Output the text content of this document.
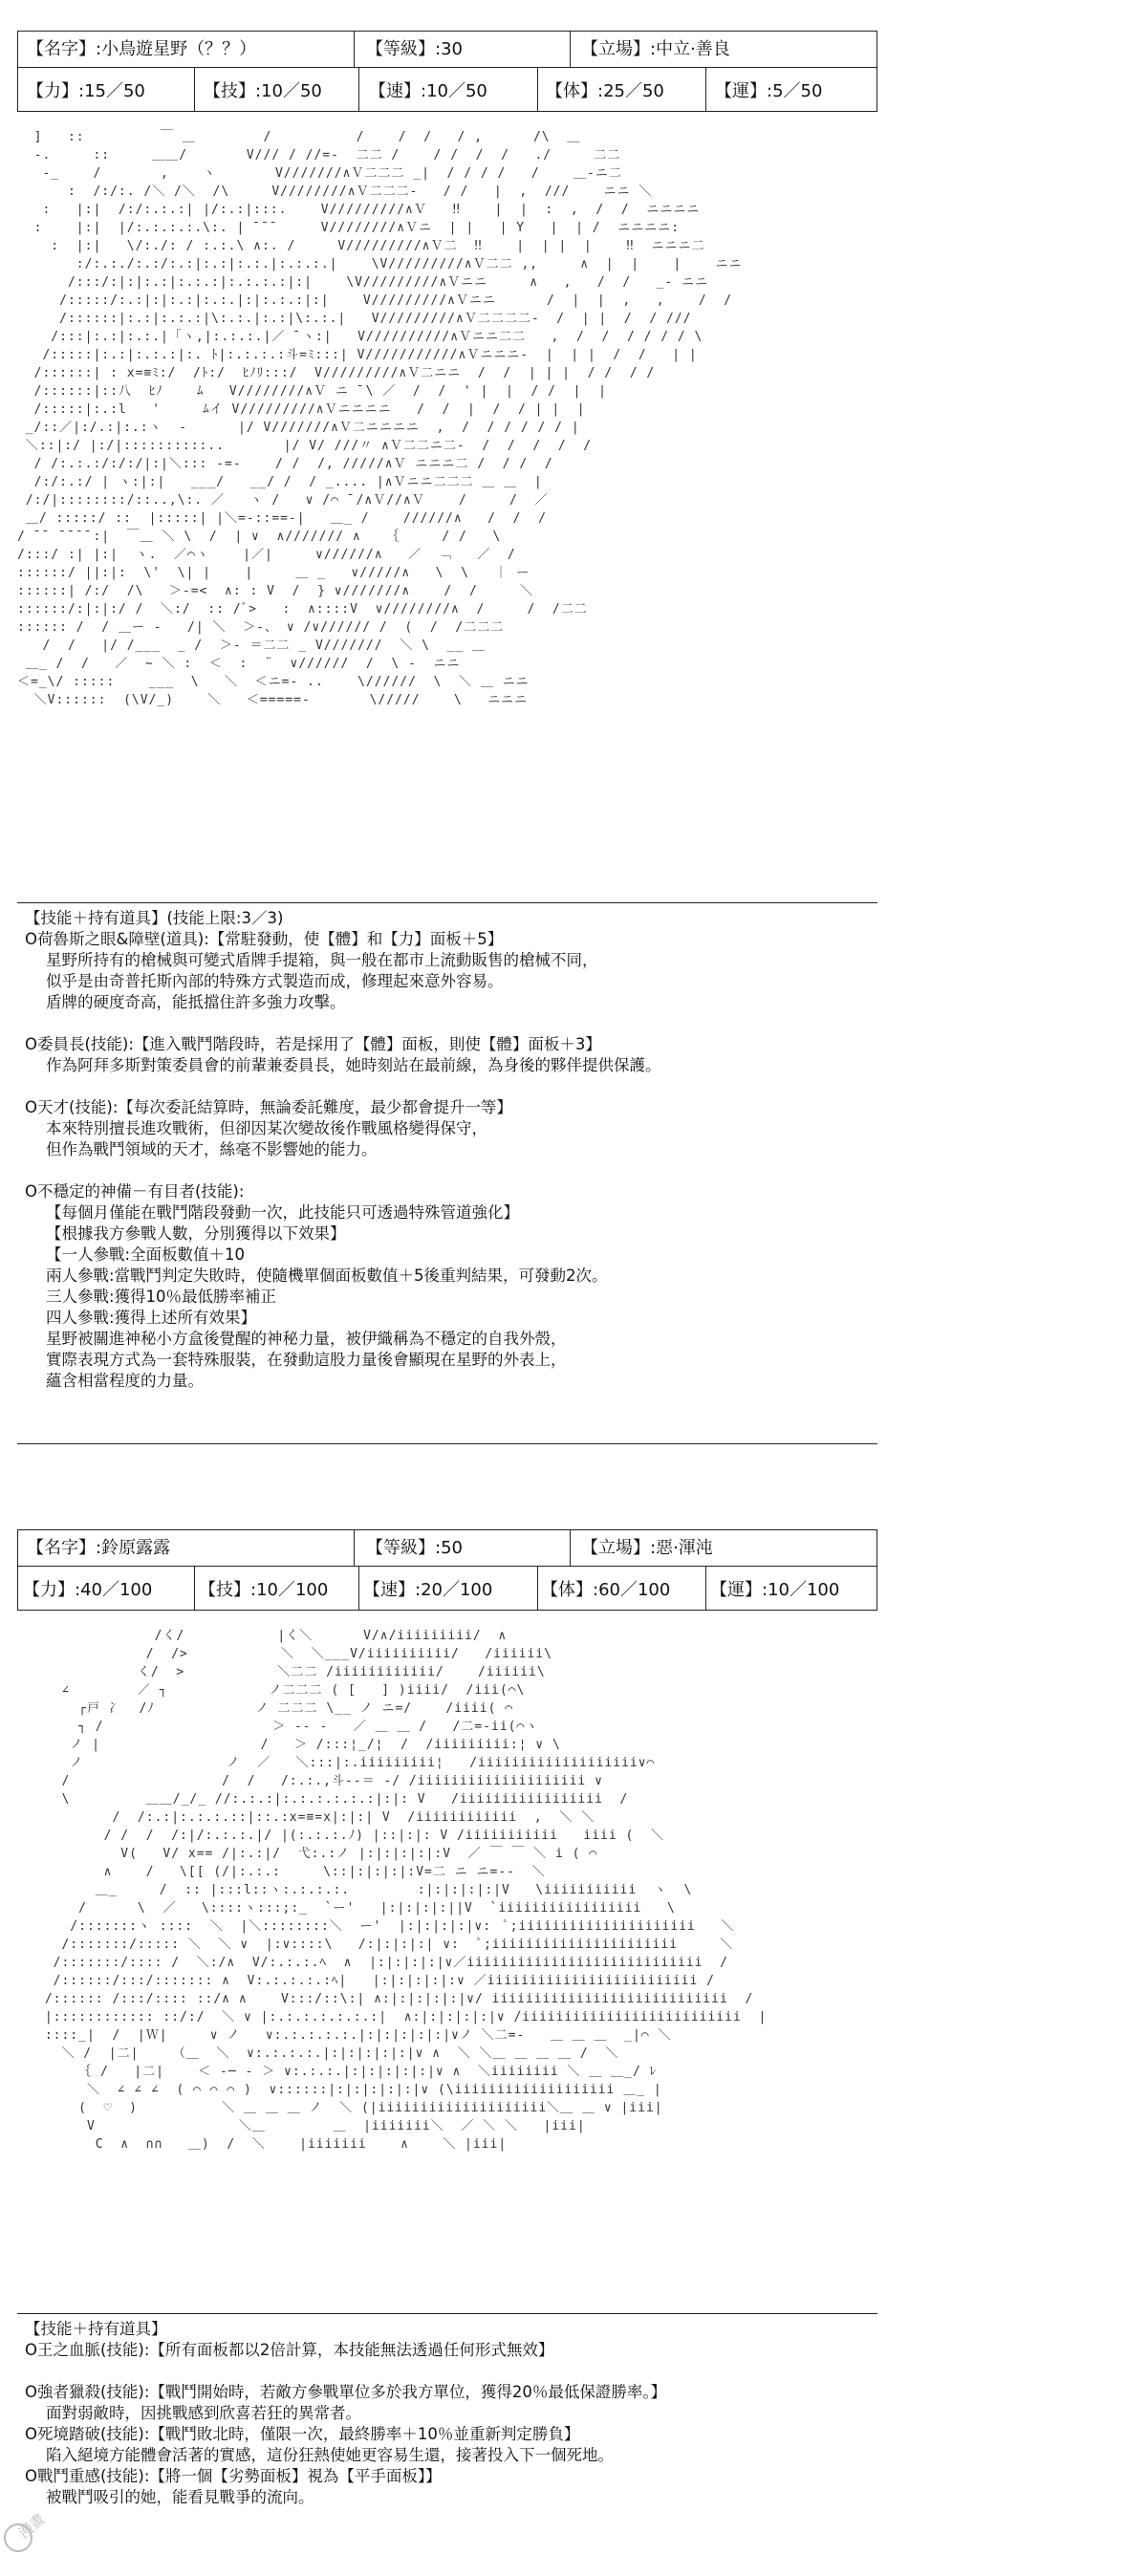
【名字】:小鳥遊星野（？？）	【等級】:30	【立場】:中立·善良
【力】:15／50	【技】:10／50	【速】:10／50	【体】:25／50	【運】:5／50
]   ::         ￣ ＿        /          /    /  /   / ,      /\  ＿
-.     ::     ＿＿/       V/// / //=-  二二 /    / /  /  /   ./     二二
-_    /       ,    ヽ       V///////∧Ｖ二二二 _|  / / / /   /    ＿-ニ二
:  /:/:. /＼ /＼  /\     V////////∧Ｖ二二二-   / /   |  ,  ///    ニニ ＼
:   |:|  /:/:.:.:| |/:.:|:::.    V/////////∧Ｖ   ‼    |  |  :  ,  /  /  ニニニニ
:    |:|  |/:.:.:.:.\:. | ̄ ̄ ̄      V////////∧Ｖニ  | |   | Y   |  | /  ニニニニ:
:  |:|   \/:./: / :.:.\ ∧:. /     V/////////∧Ｖ二  ‼    |  | |  |    ‼  ニニニ二
:/:.:./:.:/:.:|:.:|:.:.|:.:.:.|    \V/////////∧Ｖ二二 ,,     ∧  |  |    |    ニニ
/:::/:|:|:.:|:.:.:|:.:.:.:|:|    \V/////////∧Ｖニニ     ∧   ,   /  /   _- ニニ
/:::::/:.:|:|:.:|:.:.|:|:.:.:|:|    V/////////∧Ｖニニ      /  |  |  ,   ,    /  /
/::::::|:.:|:.:.:|\:.:.|:.:|\:.:.|   V/////////∧Ｖ二二二二-  /  | |  /  / ///
/:::|:.:|:.:.|「ヽ,|:.:.:.|／ ̄ ヽ:|   V//////////∧Ｖニニ二二   ,  /  /  / / / / \
/:::::|:.:|:.:.:|:. ﾄ|:.:.:.:斗=ﾐ:::| V///////////∧Ｖニニニ-  |  | |  /  /   | |
/::::::| : x=≡ﾐ:/  /ﾄ:/  ﾋﾉﾘ:::/  V/////////∧Ｖ二ニニ  /  /  | | |  / /  / /
/::::::|::八  ﾋﾉ    ﾑ   V////////∧Ｖ ニ ̄ \ ／  /  /  ' |  |  / /  |  |
/:::::|:.:l   '     ﾑイ V/////////∧Ｖニニニニ   /  /  |  /  / | |  |
_/::／|:/.:|:.:ヽ  ‐      |/ V///////∧Ｖ二ニニニニ  ,  /  / / / / / |
＼::|:/ |:/|::::::::::..       |/ V/ ///〃 ∧Ｖ二二ニ二-  /  /  /  /  /
/ /:.:.:/:/:/|:|＼::: ‐=-    / /  /, /////∧Ｖ ニニニ二 /  / /  /
/:/:.:/ | ヽ:|:|   ___/   __/ /  / _.... |∧Ｖニニ二二二 ＿ ＿  |
/:/|::::::::/::..,\:. ／   ヽ /   ∨ /⌒ ̄ /∧Ｖ//∧Ｖ    /     /  ／
＿/ :::::/ ::  |:::::| |＼=-::==-|   ＿_ /    //////∧   /  /  /
/ ̄ ̄  ̄ ̄ ̄ ̄ :|  ￣＿ ＼ \  /  | ∨  ∧/////// ∧   ｛     / /   \
/:::/ :| |:|  ヽ.  ／⌒ヽ    |／|     ∨//////∧   ／  ﹁   ／  /
::::::/ ||:|:  \'  \| |    |     ＿ _   ∨/////∧   \  \   ｜ ー
::::::| /:/  /\   ＞‐=<  ∧: : V  /  } ∨///////∧    /  /     ＼
::::::/:|:|:/ /  ＼:/  :: /ﾞ>   :  ∧::::V  ∨////////∧  /     /  /二二
:::::: /  / ＿ー ‐   /| ＼  ＞‐、 ∨ /∨////// /  (  /  /二二二
/  /   |/ /___  _ /  ＞‐ ＝二二 _ V///////  ＼ \  __ ＿
＿_ /  /   ／  ~ ＼ :  ＜  :  ¨  ∨//////  /  \ ‐  ニニ
＜=_\/ :::::    ___  \   ＼  ＜ニ=- ..    \//////  \  ＼ ＿ ニニ
＼V::::::  (\V/_)    ＼   ＜=====-       \/////    \   ニニニ
【技能＋持有道具】(技能上限:3／3)
O荷魯斯之眼&障壁(道具):【常駐發動，使【體】和【力】面板＋5】
星野所持有的槍械與可變式盾牌手提箱，與一般在都市上流動販售的槍械不同，
似乎是由奇普托斯內部的特殊方式製造而成，修理起來意外容易。
盾牌的硬度奇高，能抵擋住許多強力攻擊。
O委員長(技能):【進入戰鬥階段時，若是採用了【體】面板，則使【體】面板＋3】
作為阿拜多斯對策委員會的前輩兼委員長，她時刻站在最前線，為身後的夥伴提供保護。
O天才(技能):【每次委託結算時，無論委託難度，最少都會提升一等】
本來特別擅長進攻戰術，但卻因某次變故後作戰風格變得保守，
但作為戰鬥領域的天才，絲毫不影響她的能力。
O不穩定的神備－有目者(技能):
【每個月僅能在戰鬥階段發動一次，此技能只可透過特殊管道強化】
【根據我方參戰人數，分別獲得以下效果】
【一人參戰:全面板數值＋10
兩人參戰:當戰鬥判定失敗時，使隨機單個面板數值＋5後重判結果，可發動2次。
三人參戰:獲得10％最低勝率補正
四人參戰:獲得上述所有效果】
星野被關進神秘小方盒後覺醒的神秘力量，被伊織稱為不穩定的自我外殼，
實際表現方式為一套特殊服裝，在發動這股力量後會顯現在星野的外表上，
蘊含相當程度的力量。
【名字】:鈴原露露	【等級】:50	【立場】:惡·渾沌
【力】:40／100	【技】:10／100 【速】:20／100	【体】:60／100 【運】:10／100
/く/           |く＼      V/∧/iiiiiiiii/  ∧
/  />           ＼  ＼___V/iiiiiiiiii/   /iiiiii\
く/  >           ＼二二 /iiiiiiiiiiii/    /iiiiii\
∠        ／ ┐            ノ二二二 ( [   ] )iiii/  /iii(⌒\
┌戸 冫  /ﾉ            ノ 二二二 \__ ノ ニ=/    /iiii( ⌒
┐ /                    ＞ ‐‐ ‐   ／ ＿ ＿ /   /二=-ii(⌒ヽ
ノ |                   /   ＞ /:::¦_/¦  /  /iiiiiiiii:¦ ∨ \
ノ                 ノ  ／   ＼:::|:.iiiiiiiii¦   /iiiiiiiiiiiiiiiiiii∨⌒
/                  /  /   /:.:.,斗-‐＝ ‐/ /iiiiiiiiiiiiiiiiiiii ∨
\         ＿＿/_/_ //:.:.:|:.:.:.:.:.:|:|: V   /iiiiiiiiiiiiiiiii  /
/  /:.:|:.:.:.::|::.:x=≡=x|:|:| V  /iiiiiiiiiiii  ,  ＼ ＼
/ /  /  /:|/:.:.:.|/ |(:.:.:.ﾉ) |::|:|: V /iiiiiiiiiii   iiii (  ＼
V(   V/ x== /|:.:|/  弋:.:ノ |:|:|:|:|:V  ／ ￣ ￣ ＼ i ( ⌒
∧    /   \[[ (/|:.:.:     \::|:|:|:|:V=二 ニ ニ=--  ＼
＿_     /  :: |:::l::ヽ:.:.:.:.        :|:|:|:|:|V   \iiiiiiiiiii  ヽ  \
/      \  ／   \::::ヽ:::;:_  `ー'   |:|:|:|:||V  `iiiiiiiiiiiiiiiii   \
/:::::::ヽ ::::  ＼  |＼::::::::＼  ー'  |:|:|:|:|∨:  ﾟ;iiiiiiiiiiiiiiiiiiiii   ＼
/:::::::/::::: ＼  ＼ ∨  |:∨::::\   /:|:|:|:| ∨:  ﾟ;iiiiiiiiiiiiiiiiiiiiii     ＼
/:::::::/:::: /  ＼:/∧  V/:.:.:.ﾍ  ∧  |:|:|:|:|∨／iiiiiiiiiiiiiiiiiiiiiiiiiiii  /
/::::::/:::/::::::: ∧  V:.:.:.:.:ﾍ|   |:|:|:|:|:∨ ／iiiiiiiiiiiiiiiiiiiiiiiii /
/:::::: /:::/:::: ::/∧ ∧    V:::/::\:| ∧:|:|:|:|:|∨/ iiiiiiiiiiiiiiiiiiiiiiiiiiii  /
|:::::::::::: ::/:/  ＼ ∨ |:.:.:.:.:.:.:|  ∧:|:|:|:|:|∨ /iiiiiiiiiiiiiiiiiiiiiiiiii  |
::::_|  /  |Ｗ|     ∨ ノ   ∨:.:.:.:.:.|:|:|:|:|:|∨ノ ＼二=-   ＿ ＿ ＿  _|⌒ ＼
＼ /  |二|    （＿  ＼  ∨:.:.:.:.|:|:|:|:|:|∨ ∧  ＼ ＼＿ ＿ ＿ ＿ /  ＼
｛ /   |二|    ＜ ‐─ ‐ ＞ ∨:.:.:.|:|:|:|:|:|∨ ∧  ＼iiiiiiii ＼ ＿ ＿_/ ﾚ
＼  ∠ ∠ ∠  ( ⌒ ⌒ ⌒ )  ∨::::::|:|:|:|:|:|∨ (\iiiiiiiiiiiiiiiiiii ＿_ |
(  ♡  )          ＼ ＿ ＿ ＿ ノ  ＼ (|iiiiiiiiiiiiiiiiiiii＼＿ ＿ ∨ |iii|
V                 ＼＿        ＿  |iiiiiii＼  ／ ＼ ＼   |iii|
C  ∧  ∩∩   ＿)  /  ＼    |iiiiiii    ∧    ＼ |iii|
【技能＋持有道具】
O王之血脈(技能):【所有面板都以2倍計算，本技能無法透過任何形式無效】
O強者獵殺(技能):【戰鬥開始時，若敵方參戰單位多於我方單位，獲得20％最低保證勝率。】
面對弱敵時，因挑戰感到欣喜若狂的異常者。
O死境踏破(技能):【戰鬥敗北時，僅限一次，最終勝率＋10％並重新判定勝負】
陷入絕境方能體會活著的實感，這份狂熱使她更容易生還，接著投入下一個死地。
O戰鬥重感(技能):【將一個【劣勢面板】視為【平手面板】】
被戰鬥吸引的她，能看見戰爭的流向。
漫畫
